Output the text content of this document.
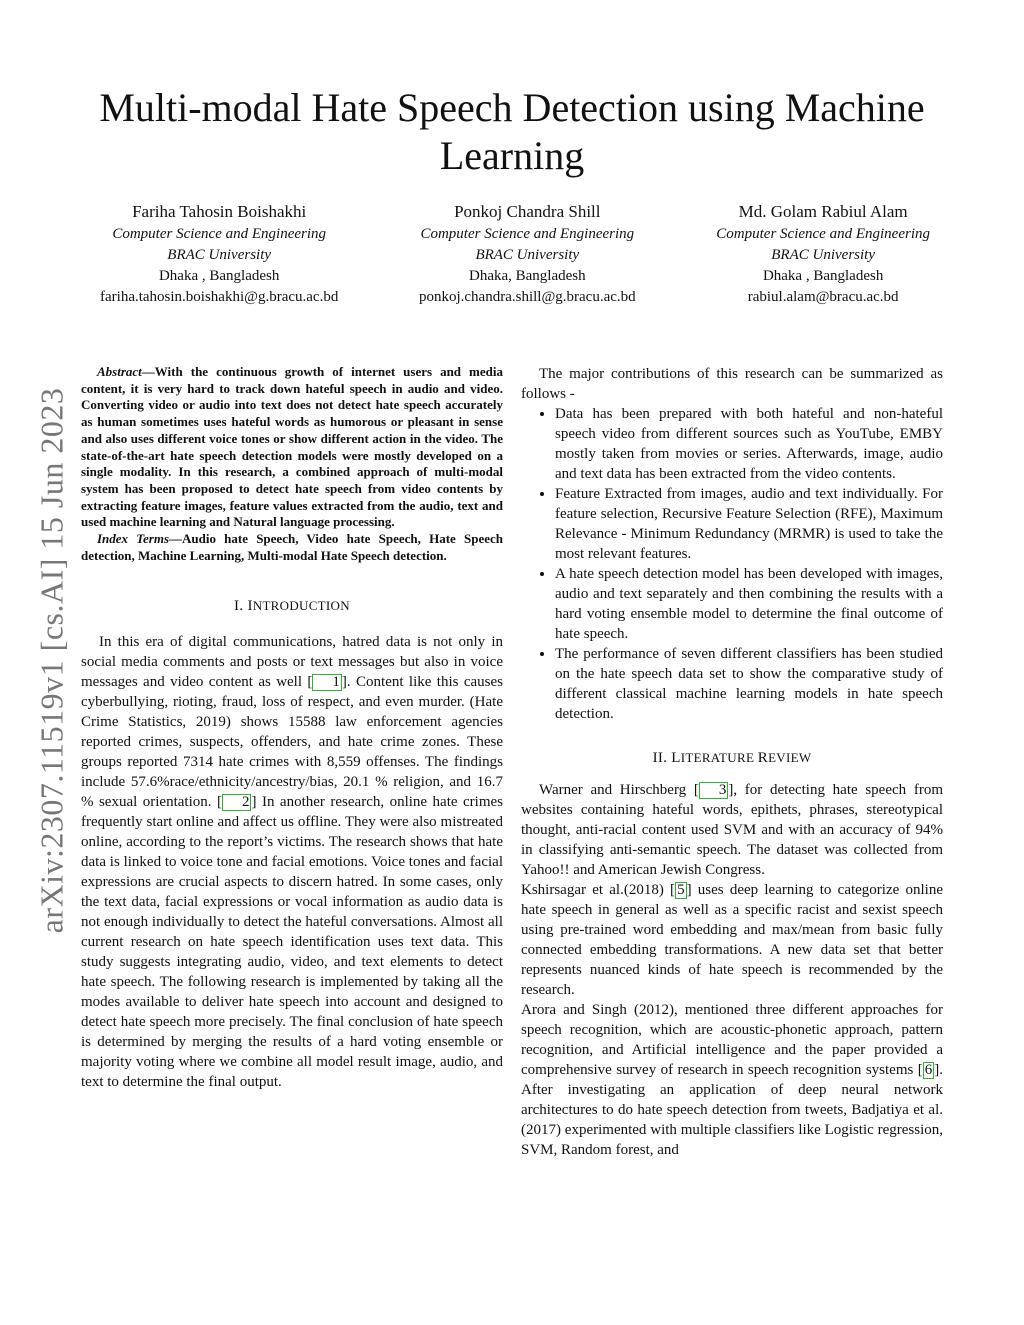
arXiv:2307.11519v1 [cs.AI] 15 Jun 2023
Multi-modal Hate Speech Detection using Machine Learning
Fariha Tahosin Boishakhi
Computer Science and Engineering
BRAC University
Dhaka , Bangladesh
fariha.tahosin.boishakhi@g.bracu.ac.bd
Ponkoj Chandra Shill
Computer Science and Engineering
BRAC University
Dhaka, Bangladesh
ponkoj.chandra.shill@g.bracu.ac.bd
Md. Golam Rabiul Alam
Computer Science and Engineering
BRAC University
Dhaka , Bangladesh
rabiul.alam@bracu.ac.bd

Abstract—With the continuous growth of internet users and media content, it is very hard to track down hateful speech in audio and video. Converting video or audio into text does not detect hate speech accurately as human sometimes uses hateful words as humorous or pleasant in sense and also uses different voice tones or show different action in the video. The state-of-the-art hate speech detection models were mostly developed on a single modality. In this research, a combined approach of multi-modal system has been proposed to detect hate speech from video contents by extracting feature images, feature values extracted from the audio, text and used machine learning and Natural language processing.

Index Terms—Audio hate Speech, Video hate Speech, Hate Speech detection, Machine Learning, Multi-modal Hate Speech detection.

I. INTRODUCTION

In this era of digital communications, hatred data is not only in social media comments and posts or text messages but also in voice messages and video content as well [ 1 ]. Content like this causes cyberbullying, rioting, fraud, loss of respect, and even murder. (Hate Crime Statistics, 2019) shows 15588 law enforcement agencies reported crimes, suspects, offenders, and hate crime zones. These groups reported 7314 hate crimes with 8,559 offenses. The findings include 57.6%race/ethnicity/ancestry/bias, 20.1 % religion, and 16.7 % sexual orientation. [ 2 ] In another research, online hate crimes frequently start online and affect us offline. They were also mistreated online, according to the report’s victims. The research shows that hate data is linked to voice tone and facial emotions. Voice tones and facial expressions are crucial aspects to discern hatred. In some cases, only the text data, facial expressions or vocal information as audio data is not enough individually to detect the hateful conversations. Almost all current research on hate speech identification uses text data. This study suggests integrating audio, video, and text elements to detect hate speech. The following research is implemented by taking all the modes available to deliver hate speech into account and designed to detect hate speech more precisely. The final conclusion of hate speech is determined by merging the results of a hard voting ensemble or majority voting where we combine all model result image, audio, and text to determine the final output.

The major contributions of this research can be summarized as follows -

• Data has been prepared with both hateful and non-hateful speech video from different sources such as YouTube, EMBY mostly taken from movies or series. Afterwards, image, audio and text data has been extracted from the video contents.
• Feature Extracted from images, audio and text individually. For feature selection, Recursive Feature Selection (RFE), Maximum Relevance - Minimum Redundancy (MRMR) is used to take the most relevant features.
• A hate speech detection model has been developed with images, audio and text separately and then combining the results with a hard voting ensemble model to determine the final outcome of hate speech.
• The performance of seven different classifiers has been studied on the hate speech data set to show the comparative study of different classical machine learning models in hate speech detection.

II. LITERATURE REVIEW

Warner and Hirschberg [ 3 ], for detecting hate speech from websites containing hateful words, epithets, phrases, stereotypical thought, anti-racial content used SVM and with an accuracy of 94% in classifying anti-semantic speech. The dataset was collected from Yahoo!! and American Jewish Congress.

Kshirsagar et al.(2018) [ 5 ] uses deep learning to categorize online hate speech in general as well as a specific racist and sexist speech using pre-trained word embedding and max/mean from basic fully connected embedding transformations. A new data set that better represents nuanced kinds of hate speech is recommended by the research.

Arora and Singh (2012), mentioned three different approaches for speech recognition, which are acoustic-phonetic approach, pattern recognition, and Artificial intelligence and the paper provided a comprehensive survey of research in speech recognition systems [ 6 ]. After investigating an application of deep neural network architectures to do hate speech detection from tweets, Badjatiya et al.(2017) experimented with multiple classifiers like Logistic regression, SVM, Random forest, and
